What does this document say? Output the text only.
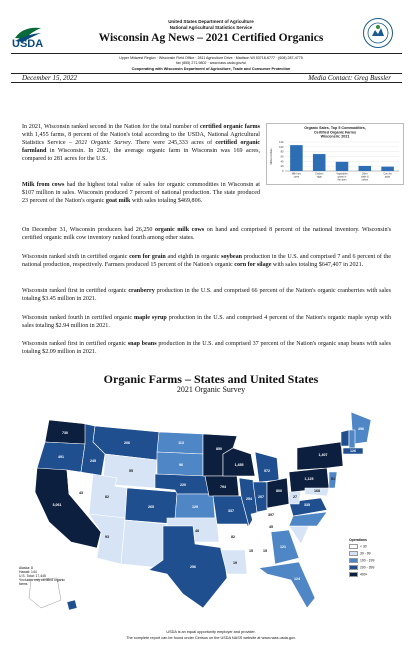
USDA
United States Department of Agriculture
National Agricultural Statistics Service
Wisconsin Ag News – 2021 Certified Organics
Upper Midwest Region · Wisconsin Field Office · 2811 Agriculture Drive · Madison WI 53718-6777 · (608) 287-4775
fax (855) 271-9802 · www.nass.usda.gov/wi
Cooperating with Wisconsin Department of Agriculture, Trade and Consumer Protection
December 15, 2022	Media Contact: Greg Bussler
In 2021, Wisconsin ranked second in the Nation for the total number of certified organic farms with 1,455 farms, 8 percent of the Nation's total according to the USDA, National Agricultural Statistics Service – 2021 Organic Survey. There were 245,333 acres of certified organic farmland in Wisconsin. In 2021, the average organic farm in Wisconsin was 169 acres, compared to 281 acres for the U.S.
Milk from cows had the highest total value of sales for organic commodities in Wisconsin at $107 million in sales. Wisconsin produced 7 percent of national production. The state produced 23 percent of the Nation's organic goat milk with sales totaling $469,806.
On December 31, Wisconsin producers had 26,250 organic milk cows on hand and comprised 8 percent of the national inventory. Wisconsin's certified organic milk cow inventory ranked fourth among other states.
Wisconsin ranked sixth in certified organic corn for grain and eighth in organic soybean production in the U.S. and comprised 7 and 6 percent of the national production, respectively. Farmers produced 15 percent of the Nation's organic corn for silage with sales totaling $647,407 in 2021.
Wisconsin ranked first in certified organic cranberry production in the U.S. and comprised 66 percent of the Nation's organic cranberries with sales totaling $3.45 million in 2021.
Wisconsin ranked fourth in certified organic maple syrup production in the U.S. and comprised 4 percent of the Nation's organic maple syrup with sales totaling $2.94 million in 2021.
Wisconsin ranked first in certified organic snap beans production in the U.S. and comprised 37 percent of the Nation's organic snap beans with sales totaling $2.09 million in 2021.
Organic Sales, Top 5 Commodities,
Certified Organic Farms
Wisconsin: 2021
0
20
40
60
80
100
120
Million Dollars
Milk from
cows
Chicken
eggs
Vegetables
grown in
the open
Other
cattle &
calves
Corn for
grain
Organic Farms – States and United States
2021 Organic Survey
730
491
245
206	113
96
55
220
129
265
43
3,061
82
93
48
256
850
794
572
1,455
337
254 207	27
397
800
1,407
1,125
496
51
126
168
335
45
82
15	15
19
121
124
Alaska: 8
Hawaii: 144
U.S. Total: 17,445
*Includes only certified organic farms
Operations
< 30
30 - 99
100 - 199
200 - 399
400+
USDA is an equal opportunity employer and provider.
The complete report can be found under Census on the USDA NASS website at www.nass.usda.gov.
